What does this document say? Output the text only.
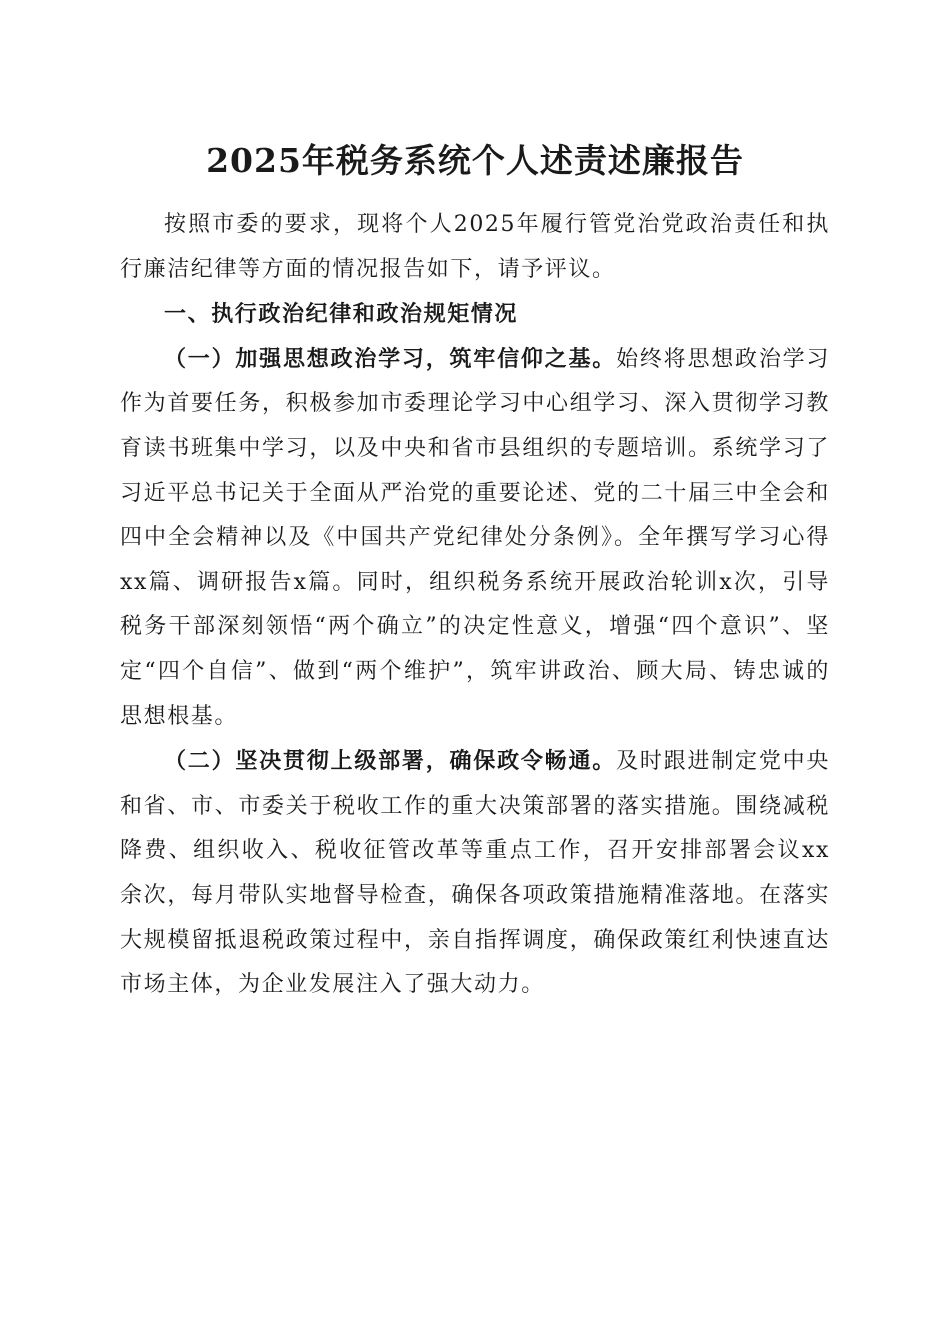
2025年税务系统个人述责述廉报告

按照市委的要求，现将个人2025年履行管党治党政治责任和执行廉洁纪律等方面的情况报告如下，请予评议。

一、执行政治纪律和政治规矩情况

（一）加强思想政治学习，筑牢信仰之基。始终将思想政治学习作为首要任务，积极参加市委理论学习中心组学习、深入贯彻学习教育读书班集中学习，以及中央和省市县组织的专题培训。系统学习了习近平总书记关于全面从严治党的重要论述、党的二十届三中全会和四中全会精神以及《中国共产党纪律处分条例》。全年撰写学习心得xx篇、调研报告x篇。同时，组织税务系统开展政治轮训x次，引导税务干部深刻领悟“两个确立”的决定性意义，增强“四个意识”、坚定“四个自信”、做到“两个维护”，筑牢讲政治、顾大局、铸忠诚的思想根基。

（二）坚决贯彻上级部署，确保政令畅通。及时跟进制定党中央和省、市、市委关于税收工作的重大决策部署的落实措施。围绕减税降费、组织收入、税收征管改革等重点工作，召开安排部署会议xx余次，每月带队实地督导检查，确保各项政策措施精准落地。在落实大规模留抵退税政策过程中，亲自指挥调度，确保政策红利快速直达市场主体，为企业发展注入了强大动力。
